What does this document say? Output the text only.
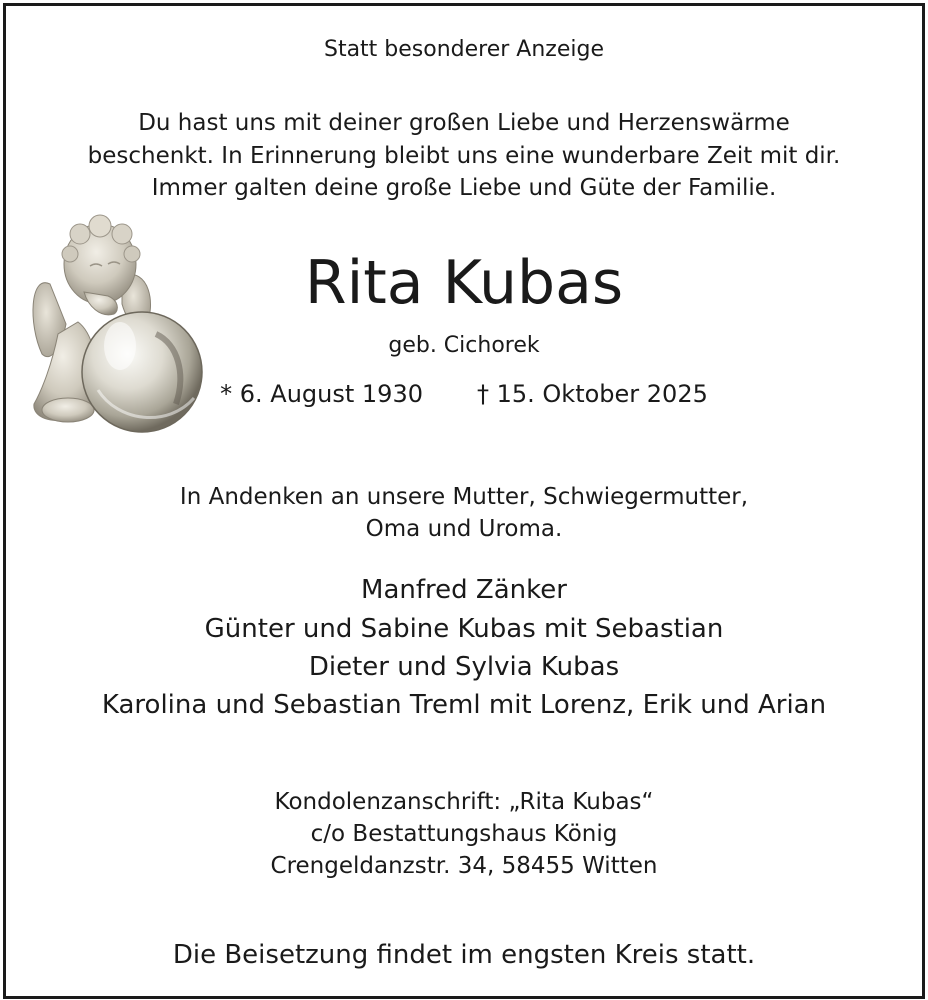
Statt besonderer Anzeige
Du hast uns mit deiner großen Liebe und Herzenswärme
beschenkt. In Erinnerung bleibt uns eine wunderbare Zeit mit dir.
Immer galten deine große Liebe und Güte der Familie.
Rita Kubas
geb. Cichorek
* 6. August 1930 † 15. Oktober 2025
In Andenken an unsere Mutter, Schwiegermutter,
Oma und Uroma.
Manfred Zänker
Günter und Sabine Kubas mit Sebastian
Dieter und Sylvia Kubas
Karolina und Sebastian Treml mit Lorenz, Erik und Arian
Kondolenzanschrift: „Rita Kubas“
c/o Bestattungshaus König
Crengeldanzstr. 34, 58455 Witten
Die Beisetzung findet im engsten Kreis statt.
